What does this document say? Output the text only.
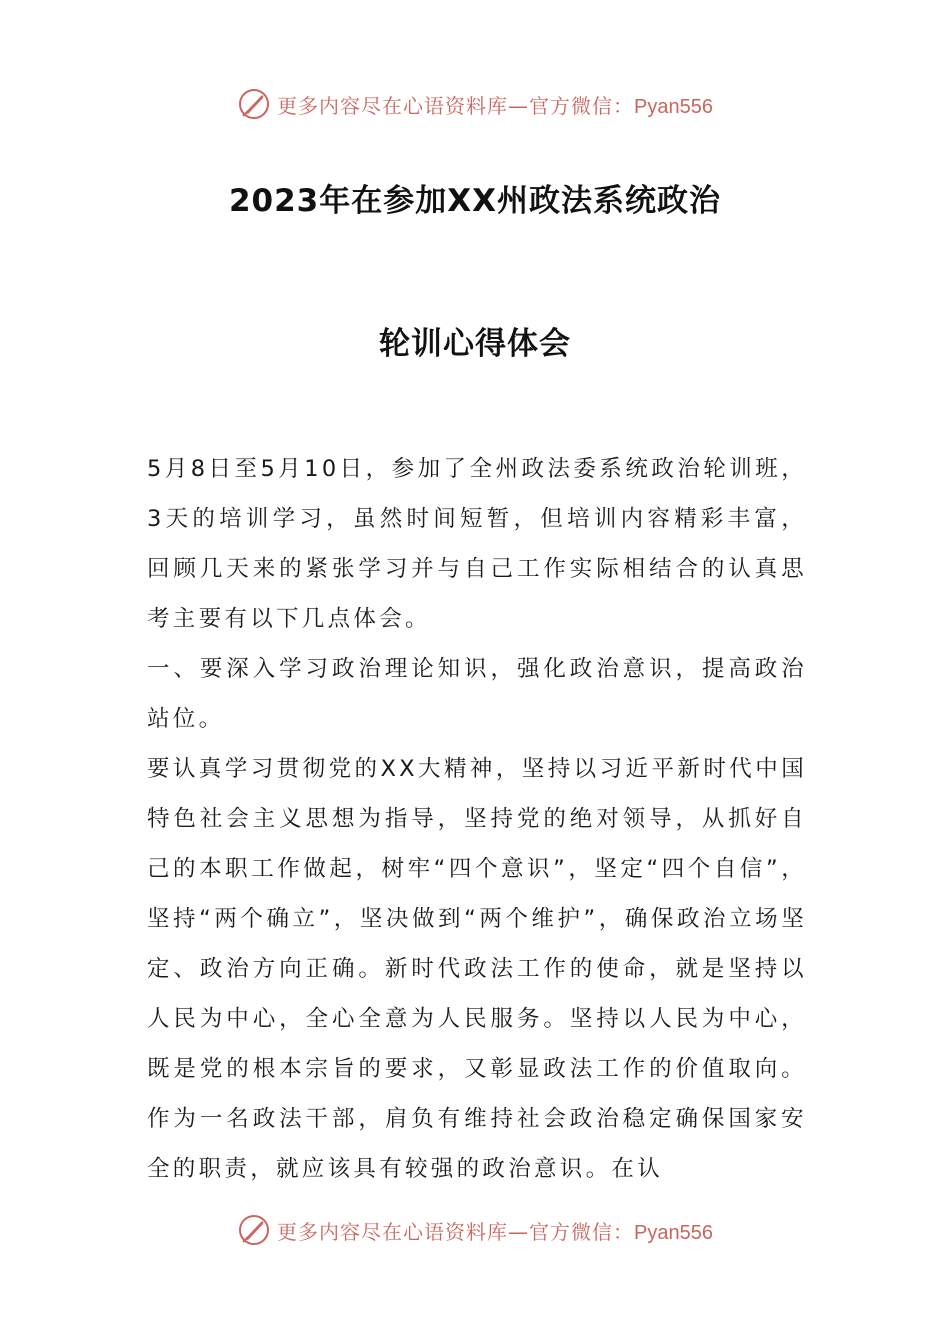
更多内容尽在心语资料库—官方微信：Pyan556
2023年在参加XX州政法系统政治
轮训心得体会

5月8日至5月10日，参加了全州政法委系统政治轮训班，3天的培训学习，虽然时间短暂，但培训内容精彩丰富，回顾几天来的紧张学习并与自己工作实际相结合的认真思考主要有以下几点体会。

一、要深入学习政治理论知识，强化政治意识，提高政治站位。

要认真学习贯彻党的XX大精神，坚持以习近平新时代中国特色社会主义思想为指导，坚持党的绝对领导，从抓好自己的本职工作做起，树牢“四个意识”，坚定“四个自信”，坚持“两个确立”，坚决做到“两个维护”，确保政治立场坚定、政治方向正确。新时代政法工作的使命，就是坚持以人民为中心，全心全意为人民服务。坚持以人民为中心，既是党的根本宗旨的要求，又彰显政法工作的价值取向。作为一名政法干部，肩负有维持社会政治稳定确保国家安全的职责，就应该具有较强的政治意识。在认

更多内容尽在心语资料库—官方微信：Pyan556
